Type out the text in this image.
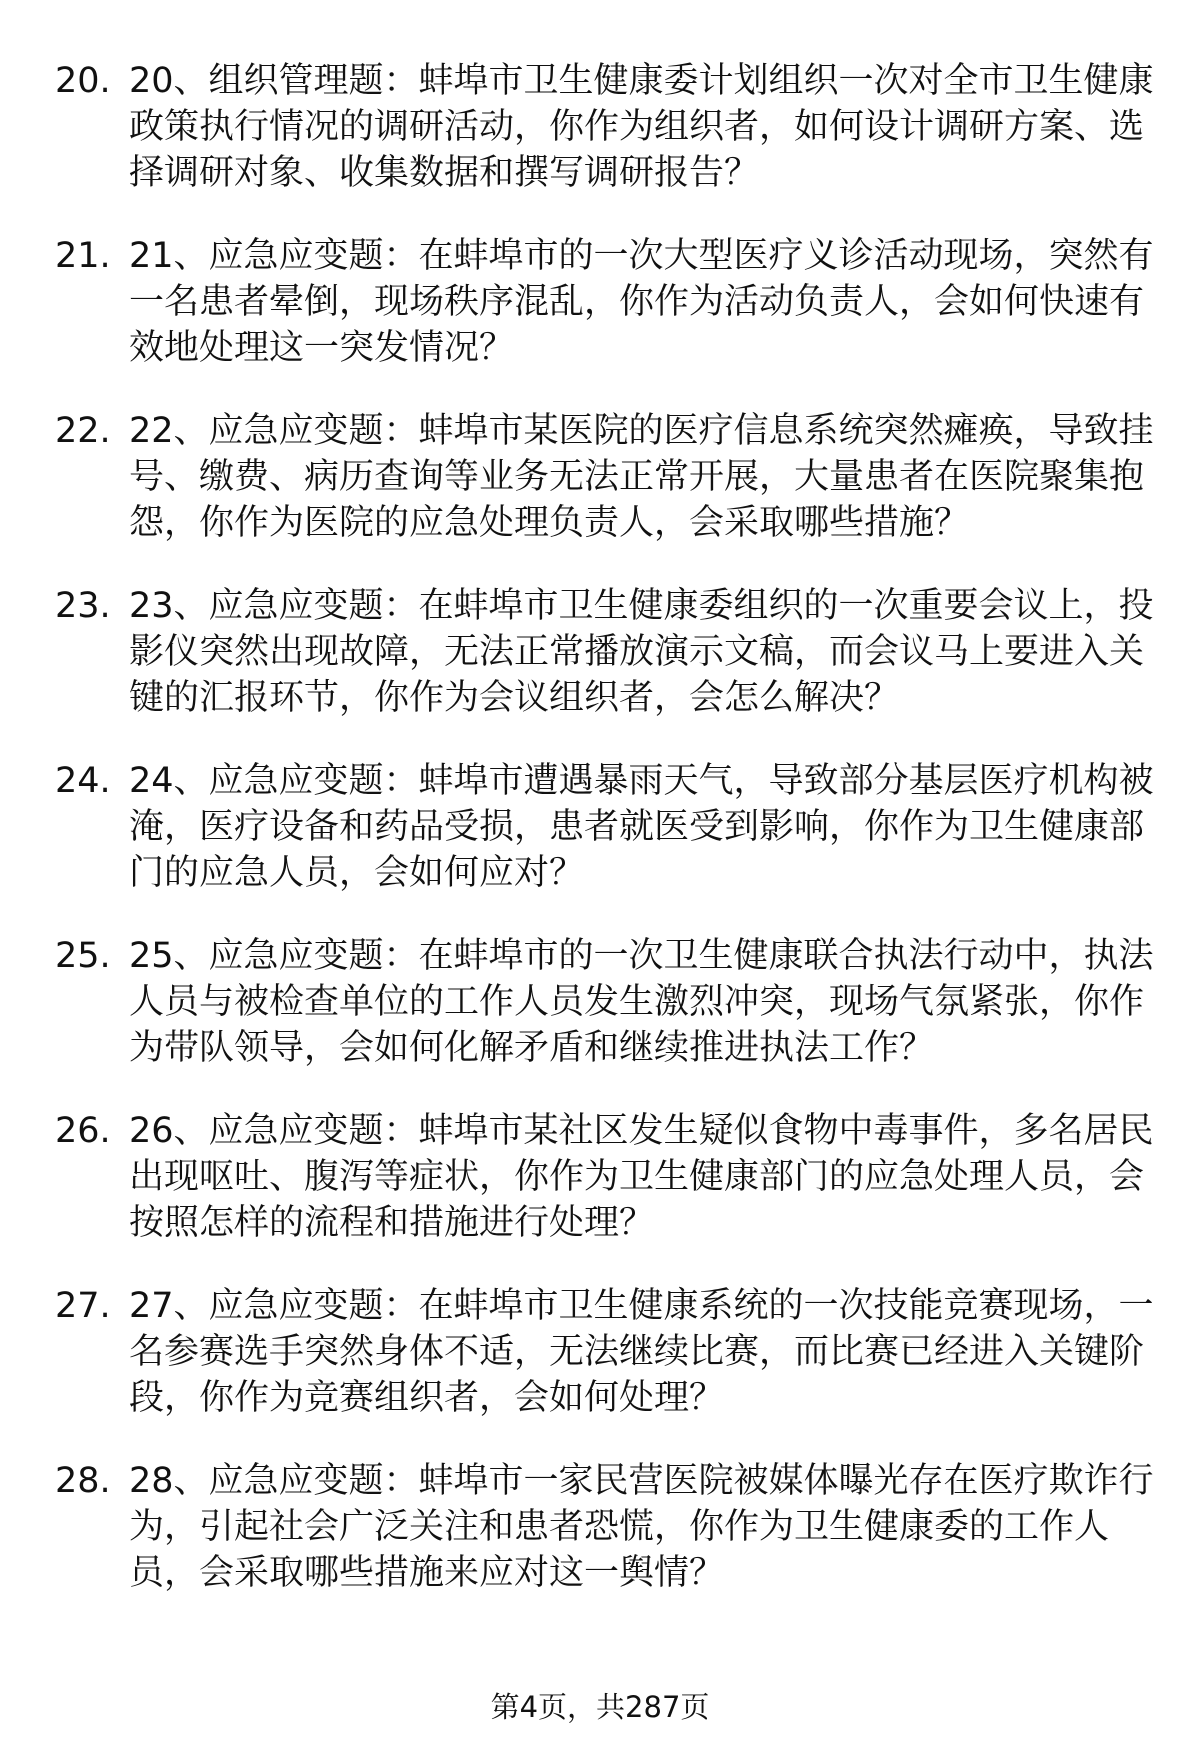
20. 20、组织管理题：蚌埠市卫生健康委计划组织一次对全市卫生健康政策执行情况的调研活动，你作为组织者，如何设计调研方案、选择调研对象、收集数据和撰写调研报告？
21. 21、应急应变题：在蚌埠市的一次大型医疗义诊活动现场，突然有一名患者晕倒，现场秩序混乱，你作为活动负责人，会如何快速有效地处理这一突发情况？
22. 22、应急应变题：蚌埠市某医院的医疗信息系统突然瘫痪，导致挂号、缴费、病历查询等业务无法正常开展，大量患者在医院聚集抱怨，你作为医院的应急处理负责人，会采取哪些措施？
23. 23、应急应变题：在蚌埠市卫生健康委组织的一次重要会议上，投影仪突然出现故障，无法正常播放演示文稿，而会议马上要进入关键的汇报环节，你作为会议组织者，会怎么解决？
24. 24、应急应变题：蚌埠市遭遇暴雨天气，导致部分基层医疗机构被淹，医疗设备和药品受损，患者就医受到影响，你作为卫生健康部门的应急人员，会如何应对？
25. 25、应急应变题：在蚌埠市的一次卫生健康联合执法行动中，执法人员与被检查单位的工作人员发生激烈冲突，现场气氛紧张，你作为带队领导，会如何化解矛盾和继续推进执法工作？
26. 26、应急应变题：蚌埠市某社区发生疑似食物中毒事件，多名居民出现呕吐、腹泻等症状，你作为卫生健康部门的应急处理人员，会按照怎样的流程和措施进行处理？
27. 27、应急应变题：在蚌埠市卫生健康系统的一次技能竞赛现场，一名参赛选手突然身体不适，无法继续比赛，而比赛已经进入关键阶段，你作为竞赛组织者，会如何处理？
28. 28、应急应变题：蚌埠市一家民营医院被媒体曝光存在医疗欺诈行为，引起社会广泛关注和患者恐慌，你作为卫生健康委的工作人员，会采取哪些措施来应对这一舆情？
第4页，共287页
